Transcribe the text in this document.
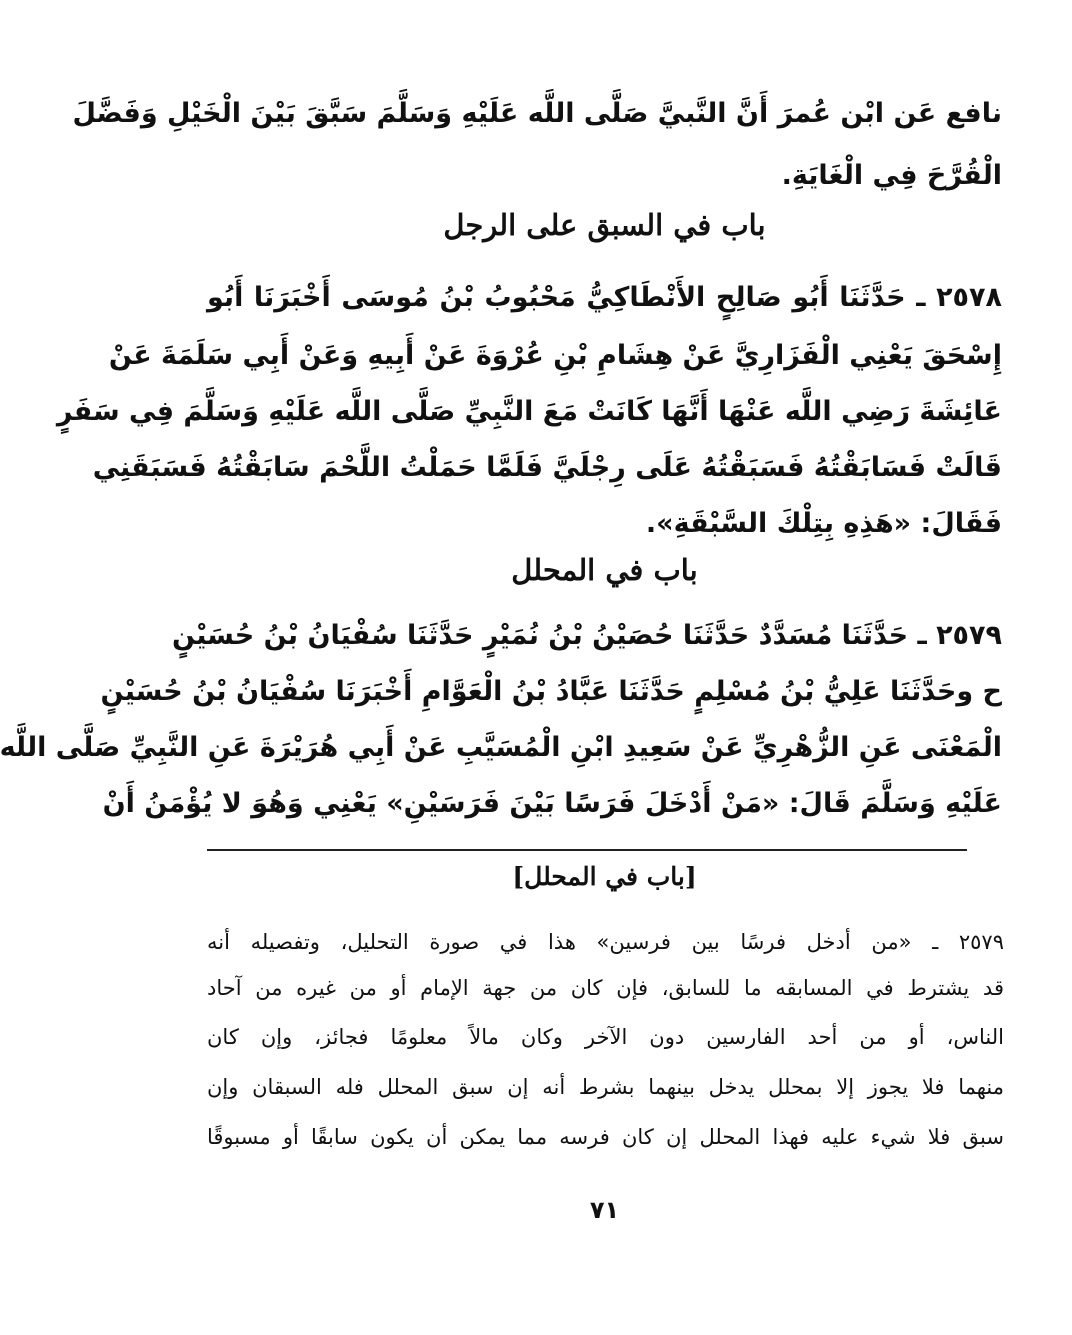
نافع عَن ابْن عُمرَ أَنَّ النَّبيَّ صَلَّى اللَّه عَلَيْهِ وَسَلَّمَ سَبَّقَ بَيْنَ الْخَيْلِ وَفَضَّلَ
الْقُرَّحَ فِي الْغَايَةِ.
باب في السبق على الرجل
٢٥٧٨ ـ حَدَّثَنَا أَبُو صَالِحٍ الأَنْطَاكِيُّ مَحْبُوبُ بْنُ مُوسَى أَخْبَرَنَا أَبُو
إِسْحَقَ يَعْنِي الْفَزَارِيَّ عَنْ هِشَامِ بْنِ عُرْوَةَ عَنْ أَبِيهِ وَعَنْ أَبِي سَلَمَةَ عَنْ
عَائِشَةَ رَضِي اللَّه عَنْهَا أَنَّهَا كَانَتْ مَعَ النَّبِيِّ صَلَّى اللَّه عَلَيْهِ وَسَلَّمَ فِي سَفَرٍ
قَالَتْ فَسَابَقْتُهُ فَسَبَقْتُهُ عَلَى رِجْلَيَّ فَلَمَّا حَمَلْتُ اللَّحْمَ سَابَقْتُهُ فَسَبَقَنِي
فَقَالَ: «هَذِهِ بِتِلْكَ السَّبْقَةِ».
باب في المحلل
٢٥٧٩ ـ حَدَّثَنَا مُسَدَّدٌ حَدَّثَنَا حُصَيْنُ بْنُ نُمَيْرٍ حَدَّثَنَا سُفْيَانُ بْنُ حُسَيْنٍ
ح وحَدَّثَنَا عَلِيُّ بْنُ مُسْلِمٍ حَدَّثَنَا عَبَّادُ بْنُ الْعَوَّامِ أَخْبَرَنَا سُفْيَانُ بْنُ حُسَيْنٍ
الْمَعْنَى عَنِ الزُّهْرِيِّ عَنْ سَعِيدِ ابْنِ الْمُسَيَّبِ عَنْ أَبِي هُرَيْرَةَ عَنِ النَّبِيِّ صَلَّى اللَّه
عَلَيْهِ وَسَلَّمَ قَالَ: «مَنْ أَدْخَلَ فَرَسًا بَيْنَ فَرَسَيْنِ» يَعْنِي وَهُوَ لا يُؤْمَنُ أَنْ
[باب في المحلل]
٢٥٧٩ ـ «من أدخل فرسًا بين فرسين» هذا في صورة التحليل، وتفصيله أنه
قد يشترط في المسابقه ما للسابق، فإن كان من جهة الإمام أو من غيره من آحاد
الناس، أو من أحد الفارسين دون الآخر وكان مالاً معلومًا فجائز، وإن كان
منهما فلا يجوز إلا بمحلل يدخل بينهما بشرط أنه إن سبق المحلل فله السبقان وإن
سبق فلا شيء عليه فهذا المحلل إن كان فرسه مما يمكن أن يكون سابقًا أو مسبوقًا
٧١
